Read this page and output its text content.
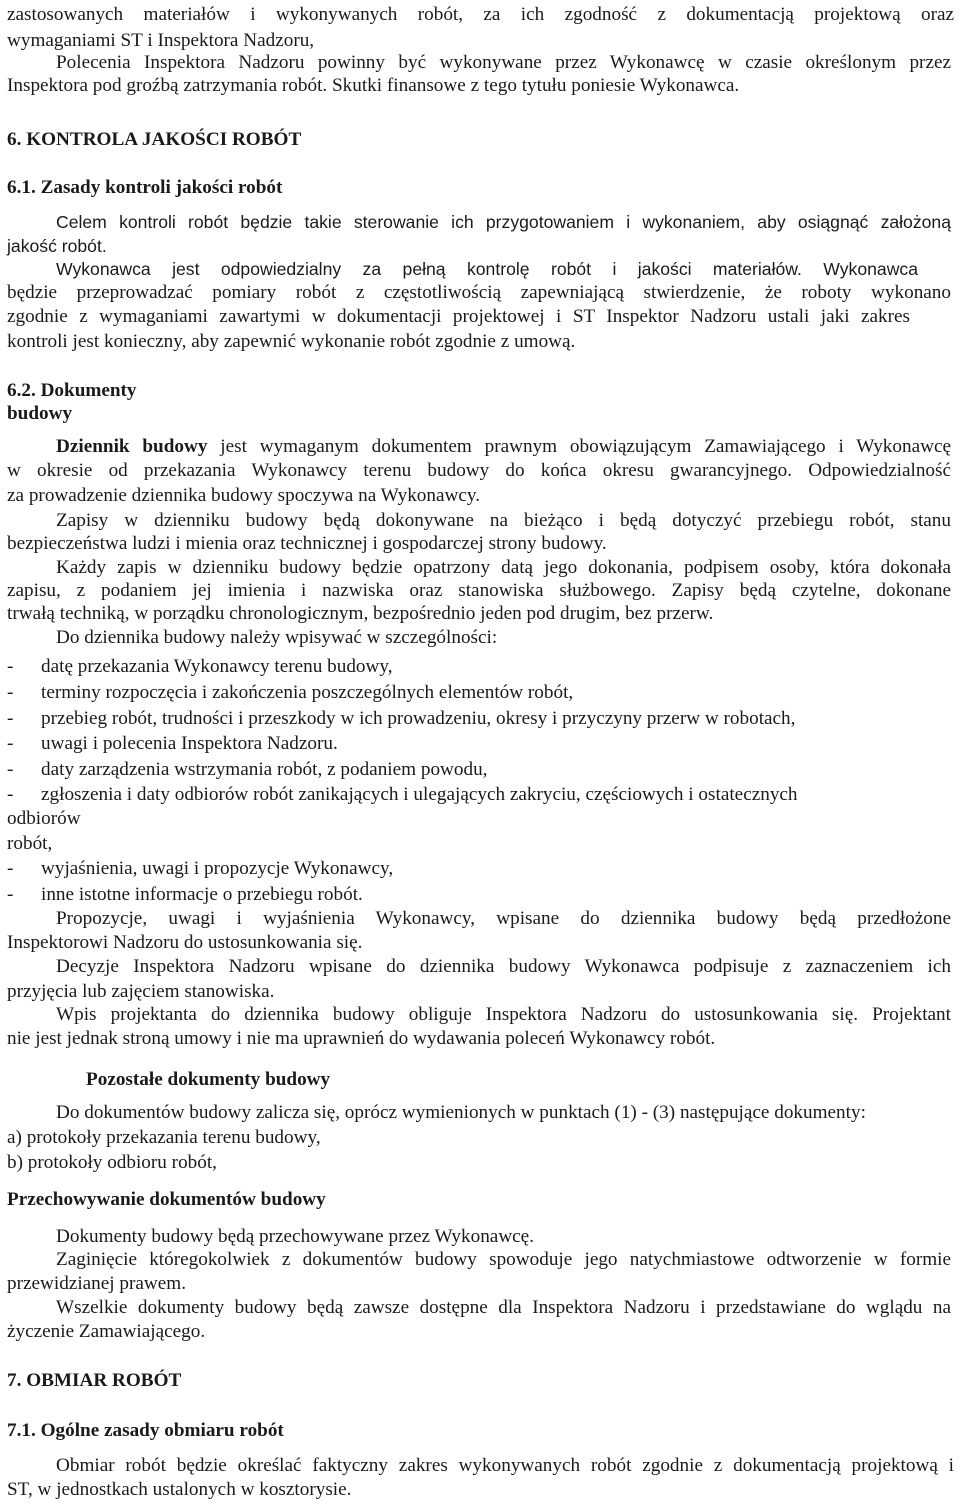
zastosowanych materiałów i wykonywanych robót, za ich zgodność z dokumentacją projektową oraz
wymaganiami ST i Inspektora Nadzoru,
Polecenia Inspektora Nadzoru powinny być wykonywane przez Wykonawcę w czasie określonym przez
Inspektora pod groźbą zatrzymania robót. Skutki finansowe z tego tytułu poniesie Wykonawca.
6. KONTROLA JAKOŚCI ROBÓT
6.1. Zasady kontroli jakości robót
Celem kontroli robót będzie takie sterowanie ich przygotowaniem i wykonaniem, aby osiągnąć założoną
jakość robót.
Wykonawca jest odpowiedzialny za pełną kontrolę robót i jakości materiałów. Wykonawca
będzie przeprowadzać pomiary robót z częstotliwością zapewniającą stwierdzenie, że roboty wykonano
zgodnie z wymaganiami zawartymi w dokumentacji projektowej i ST Inspektor Nadzoru ustali jaki zakres
kontroli jest konieczny, aby zapewnić wykonanie robót zgodnie z umową.
6.2. Dokumenty
budowy
Dziennik budowy jest wymaganym dokumentem prawnym obowiązującym Zamawiającego i Wykonawcę
w okresie od przekazania Wykonawcy terenu budowy do końca okresu gwarancyjnego. Odpowiedzialność
za prowadzenie dziennika budowy spoczywa na Wykonawcy.
Zapisy w dzienniku budowy będą dokonywane na bieżąco i będą dotyczyć przebiegu robót, stanu
bezpieczeństwa ludzi i mienia oraz technicznej i gospodarczej strony budowy.
Każdy zapis w dzienniku budowy będzie opatrzony datą jego dokonania, podpisem osoby, która dokonała
zapisu, z podaniem jej imienia i nazwiska oraz stanowiska służbowego. Zapisy będą czytelne, dokonane
trwałą techniką, w porządku chronologicznym, bezpośrednio jeden pod drugim, bez przerw.
Do dziennika budowy należy wpisywać w szczególności:
-	datę przekazania Wykonawcy terenu budowy,
-	terminy rozpoczęcia i zakończenia poszczególnych elementów robót,
-	przebieg robót, trudności i przeszkody w ich prowadzeniu, okresy i przyczyny przerw w robotach,
-	uwagi i polecenia Inspektora Nadzoru.
-	daty zarządzenia wstrzymania robót, z podaniem powodu,
-	zgłoszenia i daty odbiorów robót zanikających i ulegających zakryciu, częściowych i ostatecznych
odbiorów
robót,
-	wyjaśnienia, uwagi i propozycje Wykonawcy,
-	inne istotne informacje o przebiegu robót.
Propozycje, uwagi i wyjaśnienia Wykonawcy, wpisane do dziennika budowy będą przedłożone
Inspektorowi Nadzoru do ustosunkowania się.
Decyzje Inspektora Nadzoru wpisane do dziennika budowy Wykonawca podpisuje z zaznaczeniem ich
przyjęcia lub zajęciem stanowiska.
Wpis projektanta do dziennika budowy obliguje Inspektora Nadzoru do ustosunkowania się. Projektant
nie jest jednak stroną umowy i nie ma uprawnień do wydawania poleceń Wykonawcy robót.
Pozostałe dokumenty budowy
Do dokumentów budowy zalicza się, oprócz wymienionych w punktach (1) - (3) następujące dokumenty:
a) protokoły przekazania terenu budowy,
b) protokoły odbioru robót,
Przechowywanie dokumentów budowy
Dokumenty budowy będą przechowywane przez Wykonawcę.
Zaginięcie któregokolwiek z dokumentów budowy spowoduje jego natychmiastowe odtworzenie w formie
przewidzianej prawem.
Wszelkie dokumenty budowy będą zawsze dostępne dla Inspektora Nadzoru i przedstawiane do wglądu na
życzenie Zamawiającego.
7. OBMIAR ROBÓT
7.1. Ogólne zasady obmiaru robót
Obmiar robót będzie określać faktyczny zakres wykonywanych robót zgodnie z dokumentacją projektową i
ST, w jednostkach ustalonych w kosztorysie.
